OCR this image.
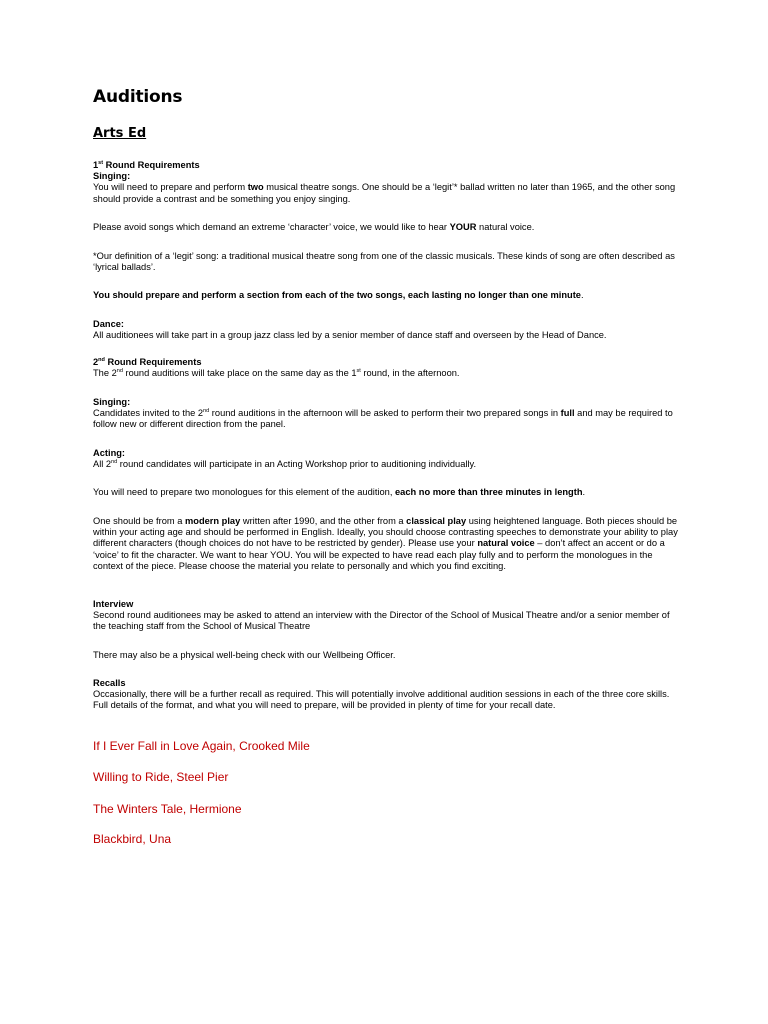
Auditions
Arts Ed

1st Round Requirements
Singing:
You will need to prepare and perform two musical theatre songs. One should be a ‘legit’* ballad written no later than 1965, and the other song should provide a contrast and be something you enjoy singing.

Please avoid songs which demand an extreme ‘character’ voice, we would like to hear YOUR natural voice.

*Our definition of a ‘legit’ song: a traditional musical theatre song from one of the classic musicals. These kinds of song are often described as ‘lyrical ballads’.

You should prepare and perform a section from each of the two songs, each lasting no longer than one minute.

Dance:
All auditionees will take part in a group jazz class led by a senior member of dance staff and overseen by the Head of Dance.

2nd Round Requirements
The 2nd round auditions will take place on the same day as the 1st round, in the afternoon.

Singing:
Candidates invited to the 2nd round auditions in the afternoon will be asked to perform their two prepared songs in full and may be required to follow new or different direction from the panel.

Acting:
All 2nd round candidates will participate in an Acting Workshop prior to auditioning individually.

You will need to prepare two monologues for this element of the audition, each no more than three minutes in length.

One should be from a modern play written after 1990, and the other from a classical play using heightened language. Both pieces should be within your acting age and should be performed in English. Ideally, you should choose contrasting speeches to demonstrate your ability to play different characters (though choices do not have to be restricted by gender). Please use your natural voice – don’t affect an accent or do a ‘voice’ to fit the character. We want to hear YOU. You will be expected to have read each play fully and to perform the monologues in the context of the piece. Please choose the material you relate to personally and which you find exciting.

Interview
Second round auditionees may be asked to attend an interview with the Director of the School of Musical Theatre and/or a senior member of the teaching staff from the School of Musical Theatre

There may also be a physical well-being check with our Wellbeing Officer.

Recalls
Occasionally, there will be a further recall as required. This will potentially involve additional audition sessions in each of the three core skills. Full details of the format, and what you will need to prepare, will be provided in plenty of time for your recall date.

If I Ever Fall in Love Again, Crooked Mile

Willing to Ride, Steel Pier

The Winters Tale, Hermione

Blackbird, Una
